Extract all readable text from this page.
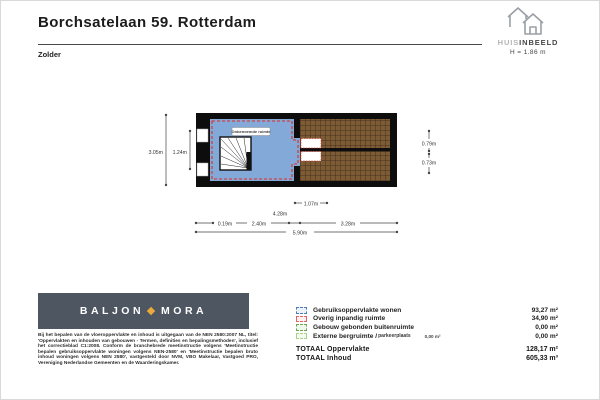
Borchsatelaan 59. Rotterdam
Zolder
HUISINBEELD
H = 1.86 m
Onbenoemde ruimte
3.05m 1.24m
0.79m
0.73m
1.07m
4.28m
0.19m	2.40m	3.28m
5.90m
BALJON MORA
Bij het bepalen van de vloeroppervlakte en inhoud is uitgegaan van de NEN 2580:2007 NL, titel: 'Oppervlakten en inhouden van gebouwen - Termen, definities en bepalingsmethoden', inclusief het correctieblad C1:2008. Conform de branchebrede meetinstructie volgens 'Meetinstructie bepalen gebruiksoppervlakte woningen volgens NEN-2580' en 'Meetinstructie bepalen bruto inhoud woningen volgens NEN 2580', vastgesteld door NVM, VBO Makelaar, Vastgoed PRO, Vereniging Nederlandse Gemeenten en de Waarderingskamer.
Gebruiksoppervlakte wonen	93,27 m²
Overig inpandig ruimte	34,90 m²
Gebouw gebonden buitenruimte	0,00 m²
Externe bergruimte / parkeerplaats	0,00 m²	0,00 m²
TOTAAL Oppervlakte	128,17 m²
TOTAAL Inhoud	605,33 m³
